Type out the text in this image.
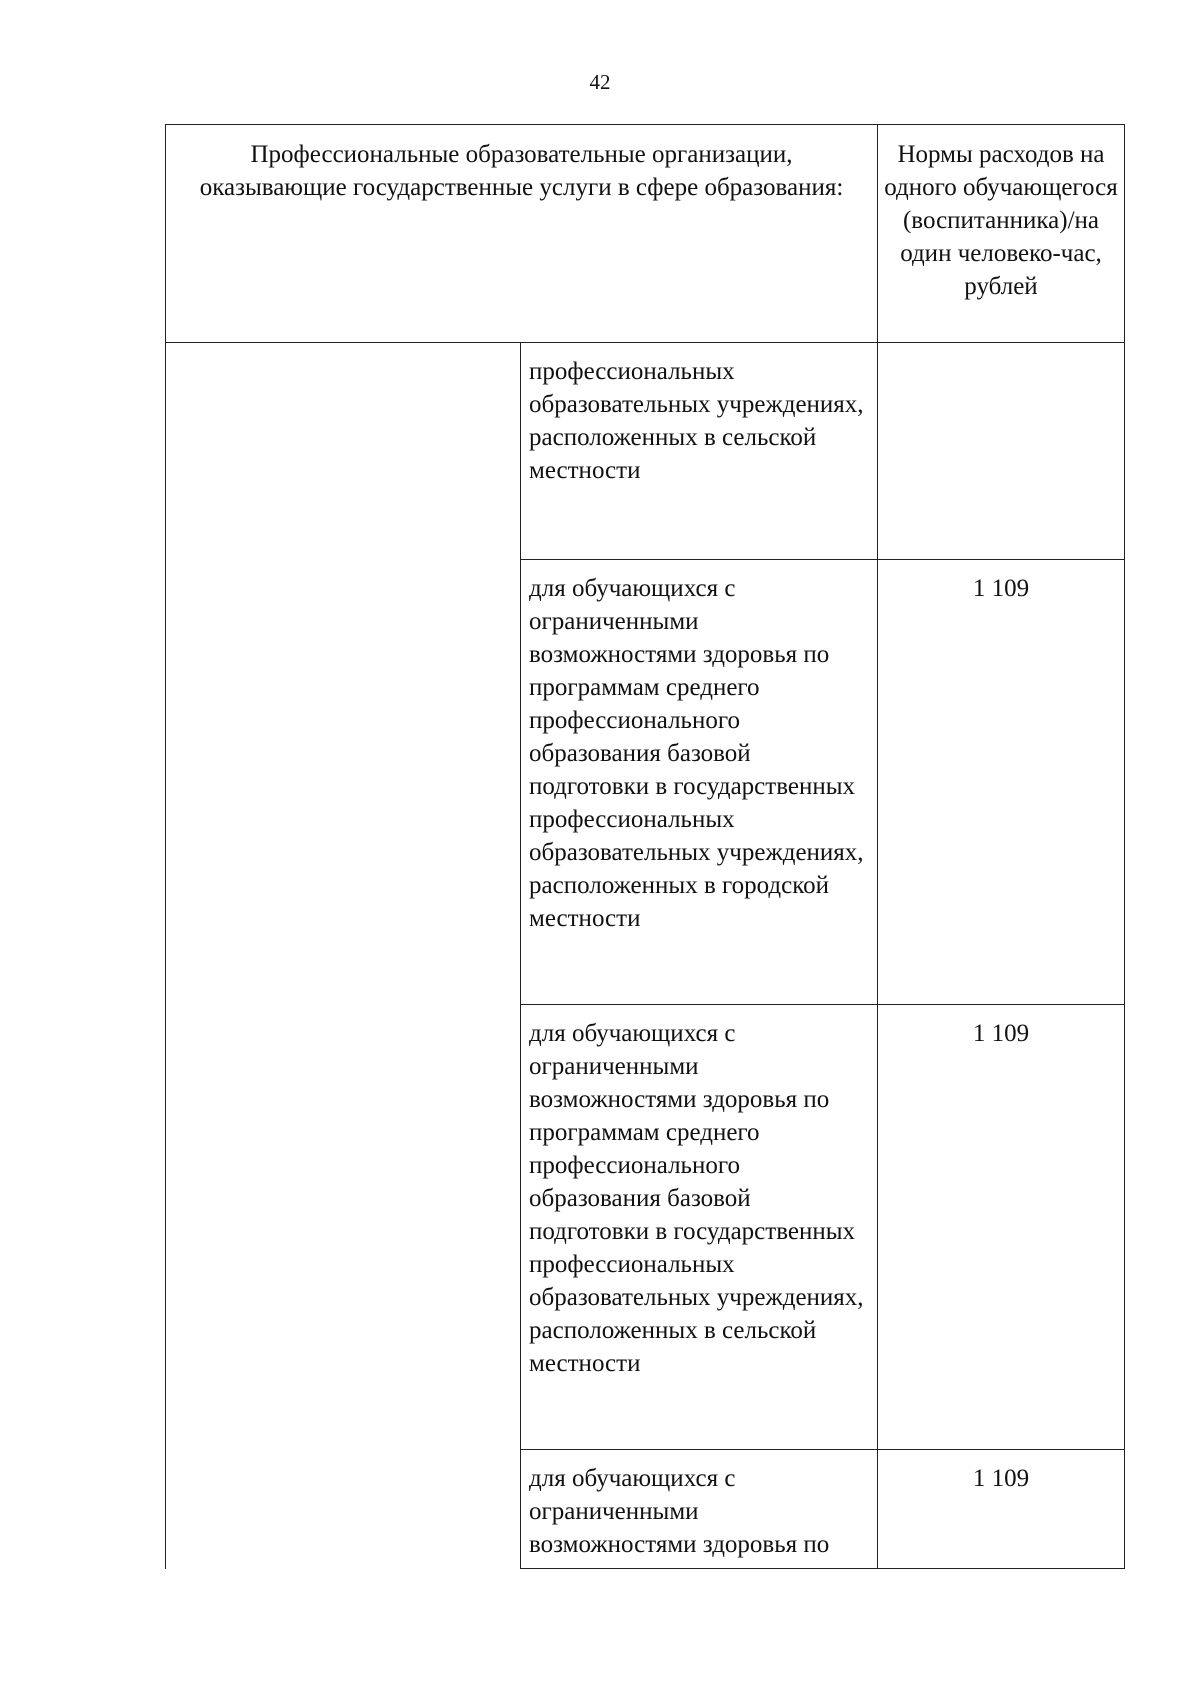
42
Профессиональные образовательные организации, оказывающие государственные услуги в сфере образования:		Нормы расходов на одного обучающегося (воспитанника)/на один человеко-час, рублей
	профессиональных образовательных учреждениях, расположенных в сельской местности	
	для обучающихся с ограниченными возможностями здоровья по программам среднего профессионального образования базовой подготовки в государственных профессиональных образовательных учреждениях, расположенных в городской местности	1 109
	для обучающихся с ограниченными возможностями здоровья по программам среднего профессионального образования базовой подготовки в государственных профессиональных образовательных учреждениях, расположенных в сельской местности	1 109
	для обучающихся с ограниченными возможностями здоровья по	1 109
